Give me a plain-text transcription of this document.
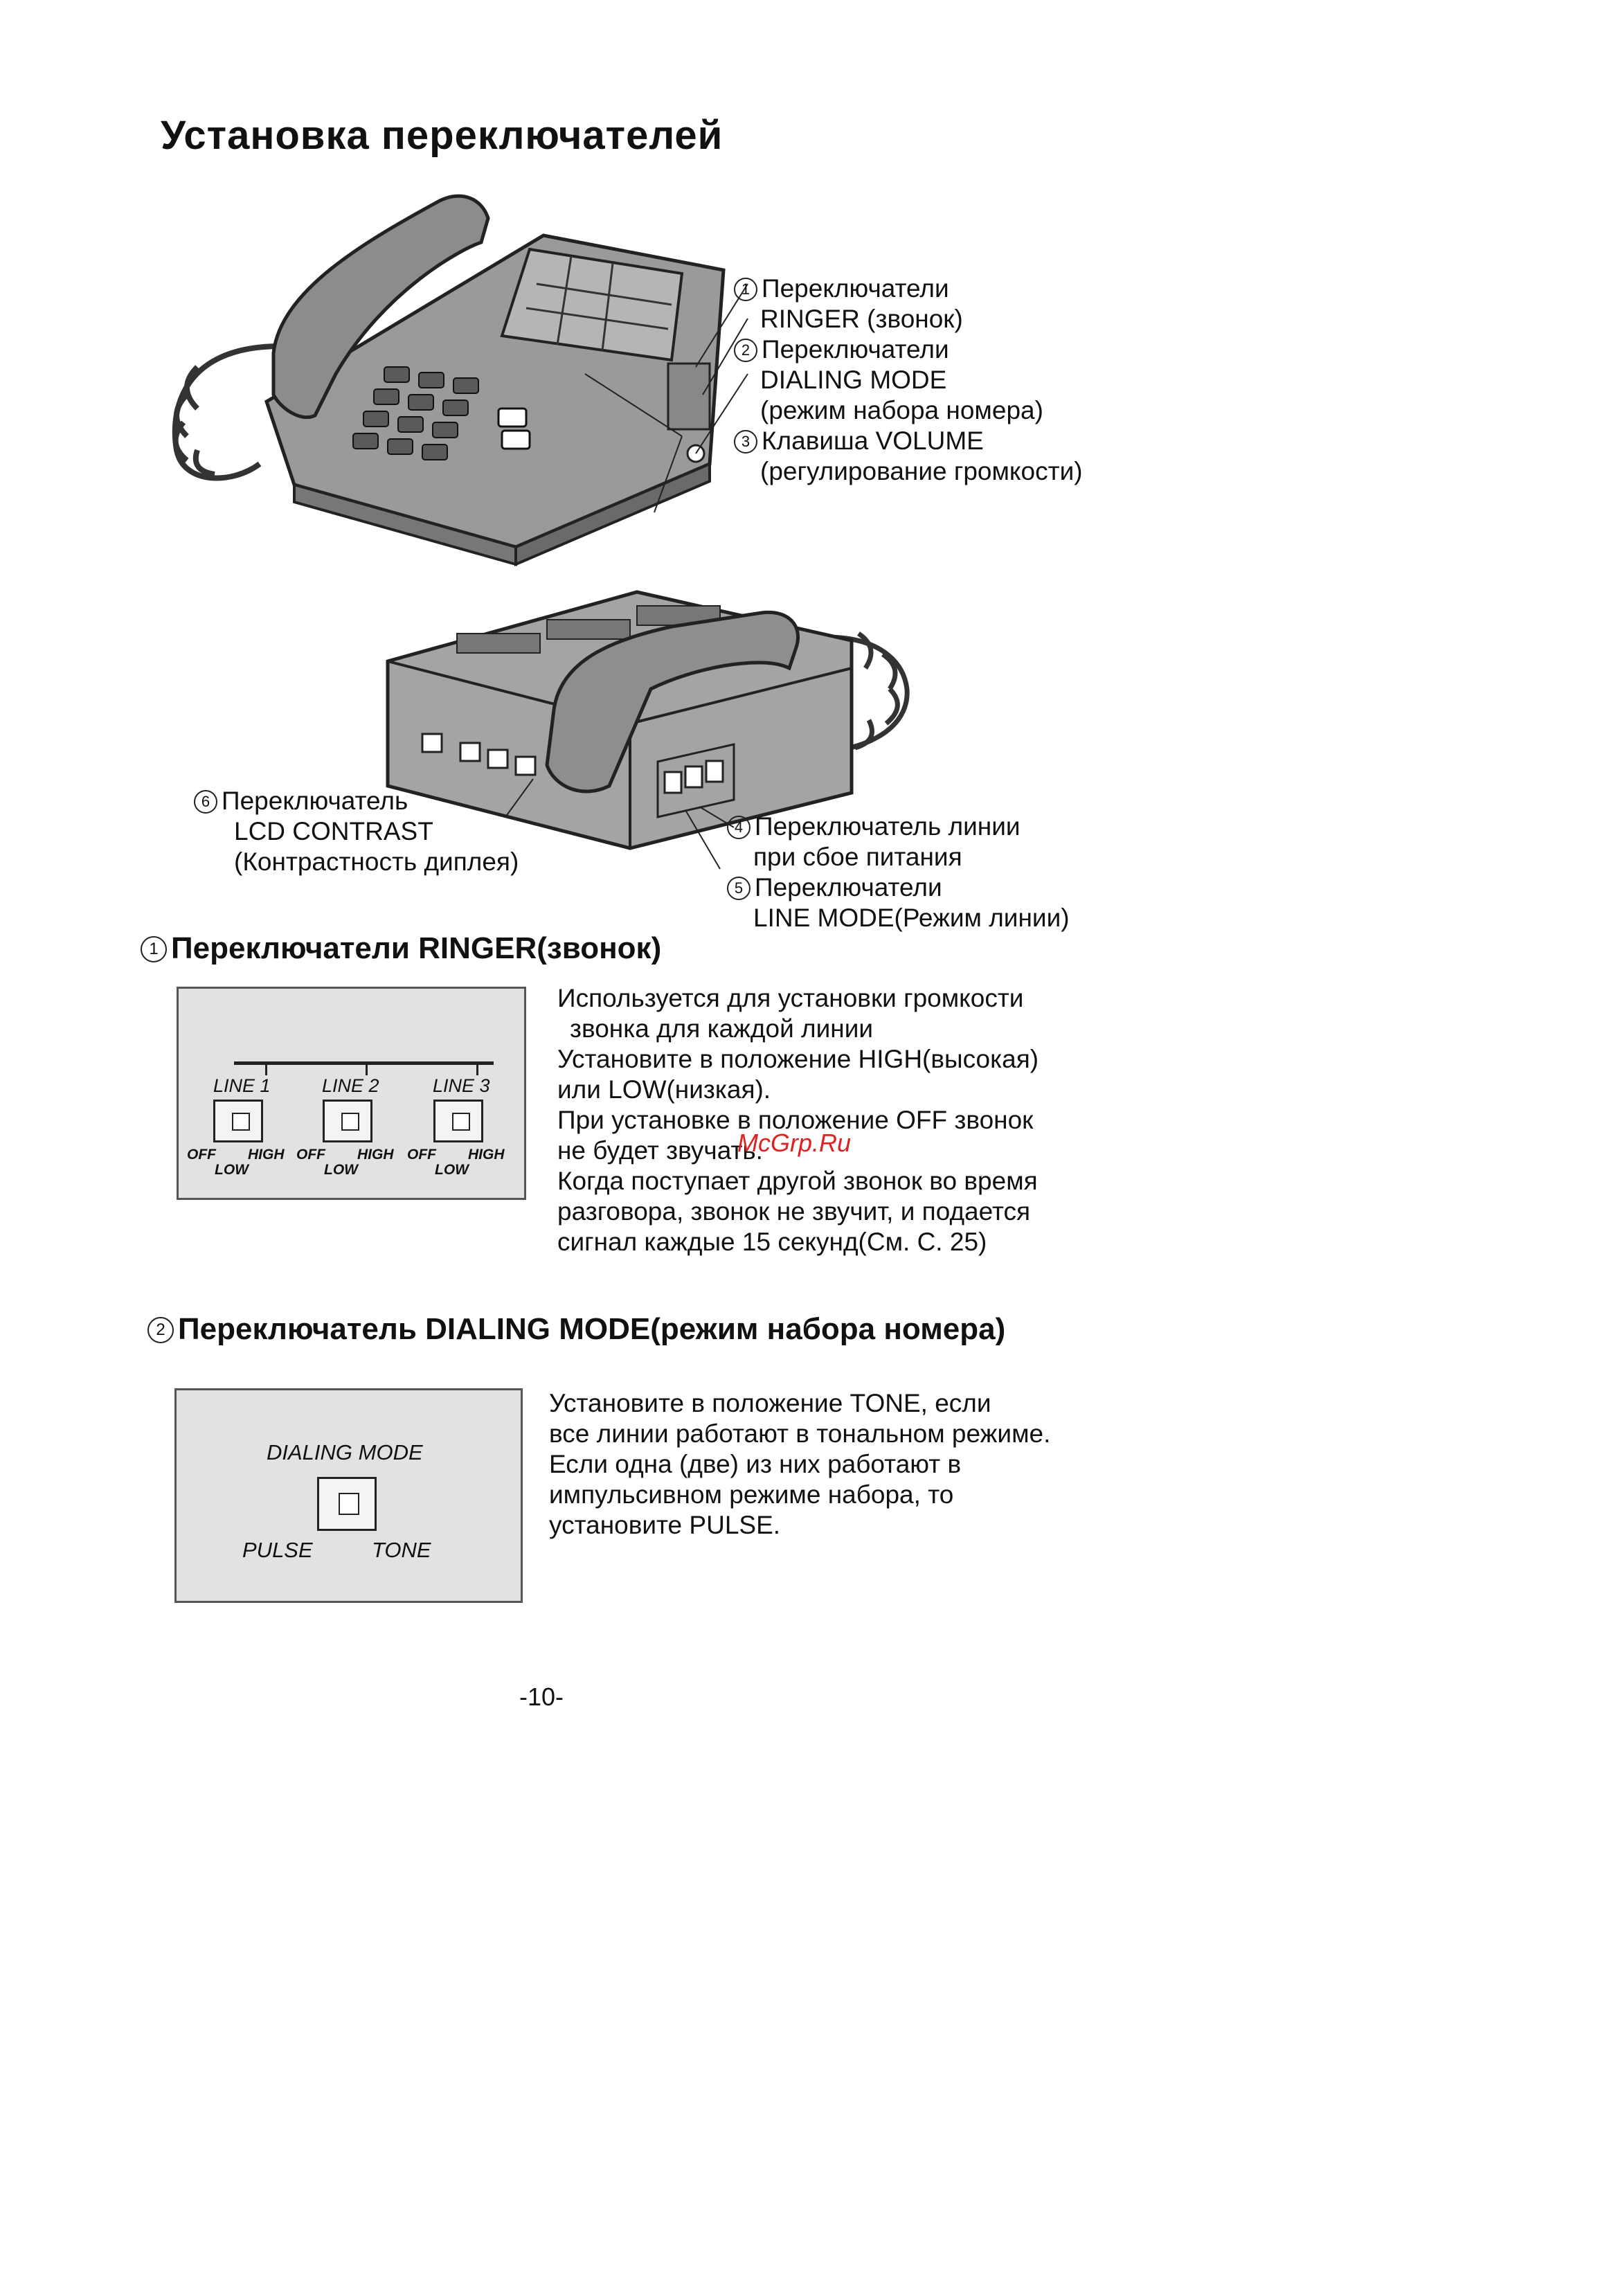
Установка переключателей
1 Переключатели
RINGER (звонок)
2 Переключатели
DIALING MODE
(режим набора номера)
3 Клавиша VOLUME
(регулирование громкости)
6 Переключатель
LCD CONTRAST
(Контрастность диплея)
4 Переключатель линии
при сбое питания
5 Переключатели
LINE MODE(Режим линии)
1 Переключатели RINGER(звонок)
LINE 1	LINE 2	LINE 3
OFF HIGH
LOW
OFF HIGH
LOW
OFF HIGH
LOW
Используется для установки громкости
звонка для каждой линии
Установите в положение HIGH(высокая)
или LOW(низкая).
При установке в положение OFF звонок
не будет звучать.
Когда поступает другой звонок во время
разговора, звонок не звучит, и подается
сигнал каждые 15 секунд(См. С. 25)
McGrp.Ru
2 Переключатель DIALING MODE(режим набора номера)
DIALING MODE
PULSE	TONE
Установите в положение TONE, если
все линии работают в тональном режиме.
Если одна (две) из них работают в
импульсивном режиме набора, то
установите PULSE.
-10-
